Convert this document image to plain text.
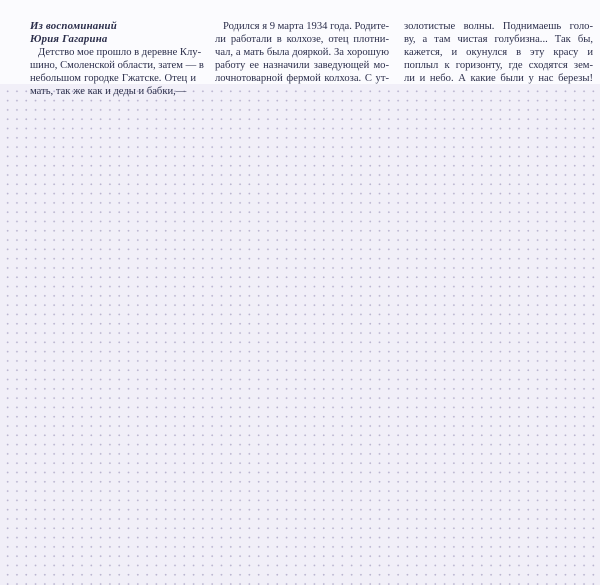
Из воспоминаний
Юрия Гагарина
Детство мое прошло в деревне Клу-
шино, Смоленской области, затем — в
небольшом городке Гжатске. Отец и
мать, так же как и деды и бабки,—
Родился я 9 марта 1934 года. Родите-
ли работали в колхозе, отец плотни-
чал, а мать была дояркой. За хорошую
работу ее назначили заведующей мо-
лочнотоварной фермой колхоза. С ут-
золотистые волны. Поднимаешь голо-
ву, а там чистая голубизна... Так бы,
кажется, и окунулся в эту красу и
поплыл к горизонту, где сходятся зем-
ли и небо. А какие были у нас березы!
